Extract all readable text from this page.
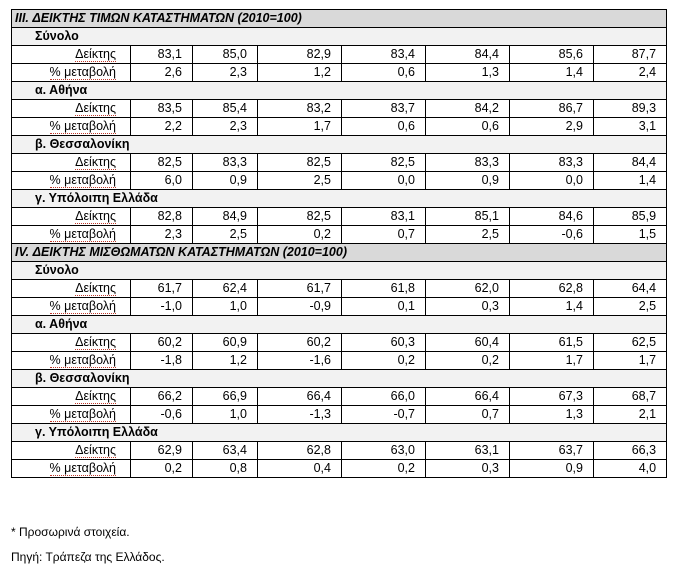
III. ΔΕΙΚΤΗΣ ΤΙΜΩΝ ΚΑΤΑΣΤΗΜΑΤΩΝ (2010=100)							
Σύνολο							
Δείκτης	83,1	85,0	82,9	83,4	84,4	85,6	87,7
% μεταβολή	2,6	2,3	1,2	0,6	1,3	1,4	2,4
α. Αθήνα							
Δείκτης	83,5	85,4	83,2	83,7	84,2	86,7	89,3
% μεταβολή	2,2	2,3	1,7	0,6	0,6	2,9	3,1
β. Θεσσαλονίκη							
Δείκτης	82,5	83,3	82,5	82,5	83,3	83,3	84,4
% μεταβολή	6,0	0,9	2,5	0,0	0,9	0,0	1,4
γ. Υπόλοιπη Ελλάδα							
Δείκτης	82,8	84,9	82,5	83,1	85,1	84,6	85,9
% μεταβολή	2,3	2,5	0,2	0,7	2,5	-0,6	1,5
IV. ΔΕΙΚΤΗΣ ΜΙΣΘΩΜΑΤΩΝ ΚΑΤΑΣΤΗΜΑΤΩΝ (2010=100)							
Σύνολο							
Δείκτης	61,7	62,4	61,7	61,8	62,0	62,8	64,4
% μεταβολή	-1,0	1,0	-0,9	0,1	0,3	1,4	2,5
α. Αθήνα							
Δείκτης	60,2	60,9	60,2	60,3	60,4	61,5	62,5
% μεταβολή	-1,8	1,2	-1,6	0,2	0,2	1,7	1,7
β. Θεσσαλονίκη							
Δείκτης	66,2	66,9	66,4	66,0	66,4	67,3	68,7
% μεταβολή	-0,6	1,0	-1,3	-0,7	0,7	1,3	2,1
γ. Υπόλοιπη Ελλάδα							
Δείκτης	62,9	63,4	62,8	63,0	63,1	63,7	66,3
% μεταβολή	0,2	0,8	0,4	0,2	0,3	0,9	4,0

* Προσωρινά στοιχεία.

Πηγή: Τράπεζα της Ελλάδος.
